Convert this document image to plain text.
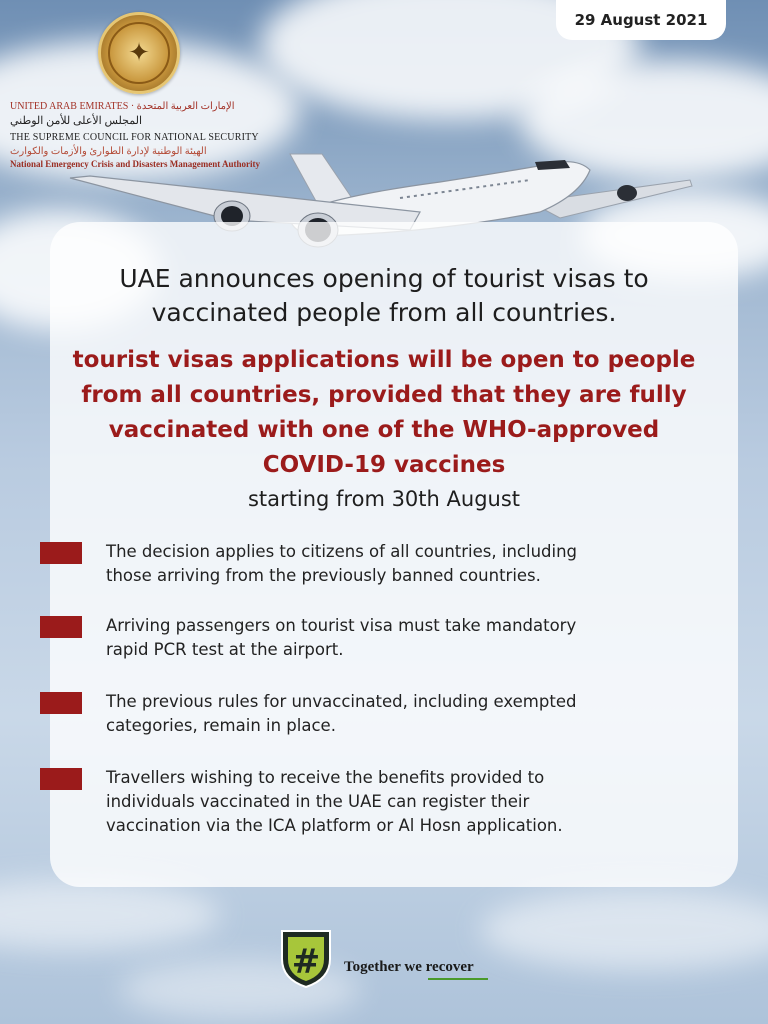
29 August 2021
✦
UNITED ARAB EMIRATES · الإمارات العربية المتحدة
المجلس الأعلى للأمن الوطني
THE SUPREME COUNCIL FOR NATIONAL SECURITY
الهيئة الوطنية لإدارة الطوارئ والأزمات والكوارث
National Emergency Crisis and Disasters Management Authority
UAE announces opening of tourist visas to
vaccinated people from all countries.
tourist visas applications will be open to people
from all countries, provided that they are fully
vaccinated with one of the WHO-approved
COVID-19 vaccines
starting from 30th August
The decision applies to citizens of all countries, including
those arriving from the previously banned countries.
Arriving passengers on tourist visa must take mandatory
rapid PCR test at the airport.
The previous rules for unvaccinated, including exempted
categories, remain in place.
Travellers wishing to receive the benefits provided to
individuals vaccinated in the UAE can register their
vaccination via the ICA platform or Al Hosn application.
# Together we recover
